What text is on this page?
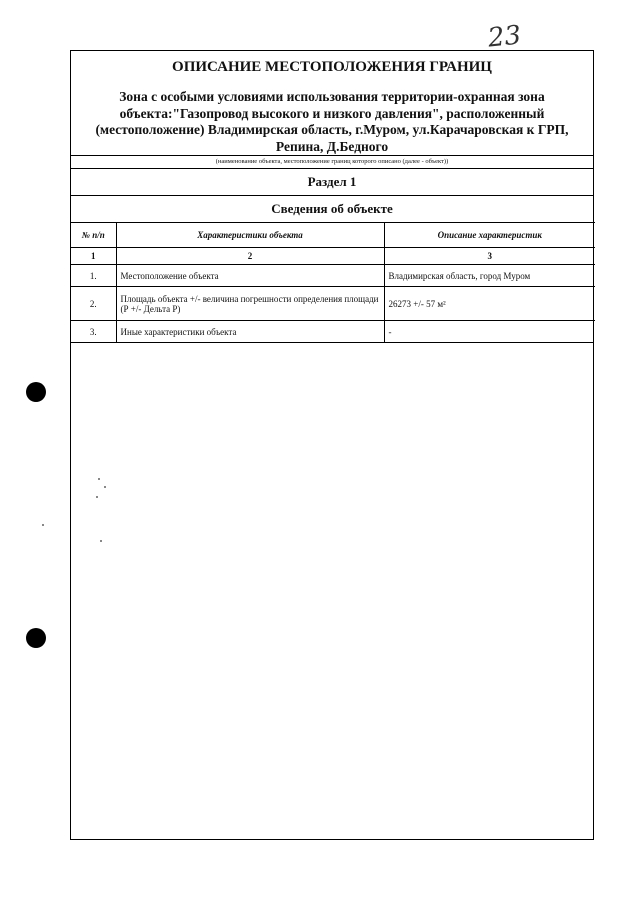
23
ОПИСАНИЕ МЕСТОПОЛОЖЕНИЯ ГРАНИЦ
Зона с особыми условиями использования территории-охранная зона объекта:"Газопровод высокого и низкого давления", расположенный (местоположение) Владимирская область, г.Муром, ул.Карачаровская к ГРП, Репина, Д.Бедного
(наименование объекта, местоположение границ которого описано (далее - объект))
Раздел 1
Сведения об объекте
№ п/п	Характеристики объекта	Описание характеристик
1	2	3
1.	Местоположение объекта	Владимирская область, город Муром
2.	Площадь объекта +/- величина погрешности определения площади (Р +/- Дельта Р)	26273 +/- 57 м²
3.	Иные характеристики объекта	-
